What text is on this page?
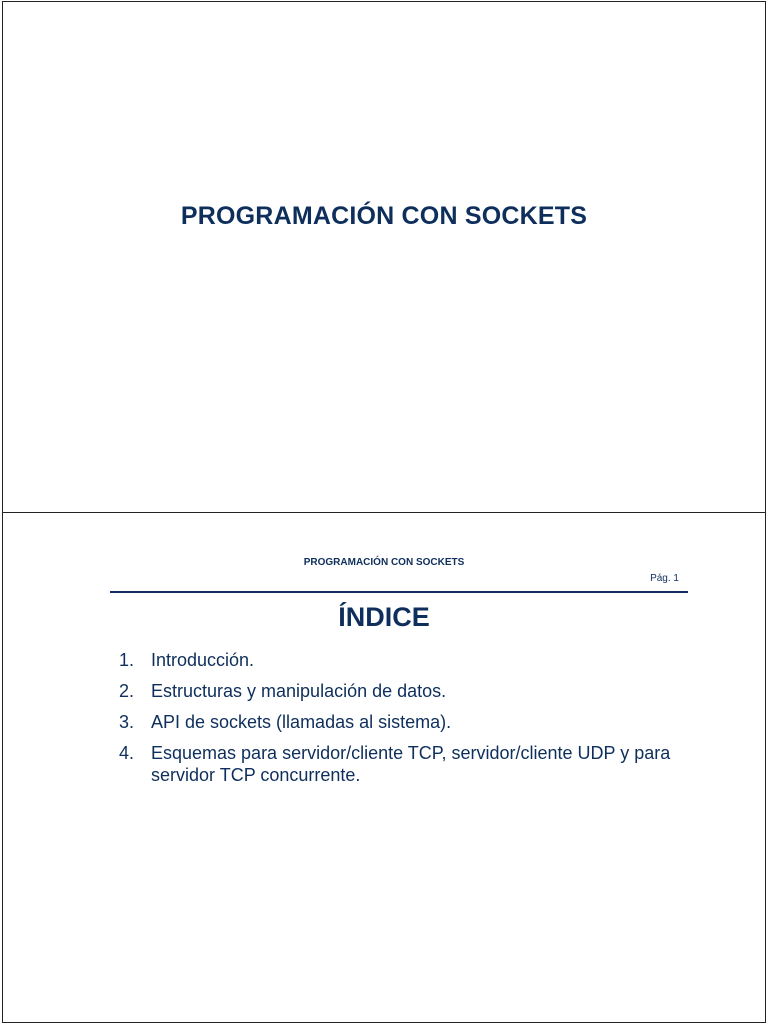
PROGRAMACIÓN CON SOCKETS
PROGRAMACIÓN CON SOCKETS
Pág. 1
ÍNDICE
1. Introducción.
2. Estructuras y manipulación de datos.
3. API de sockets (llamadas al sistema).
4. Esquemas para servidor/cliente TCP, servidor/cliente UDP y para servidor TCP concurrente.
